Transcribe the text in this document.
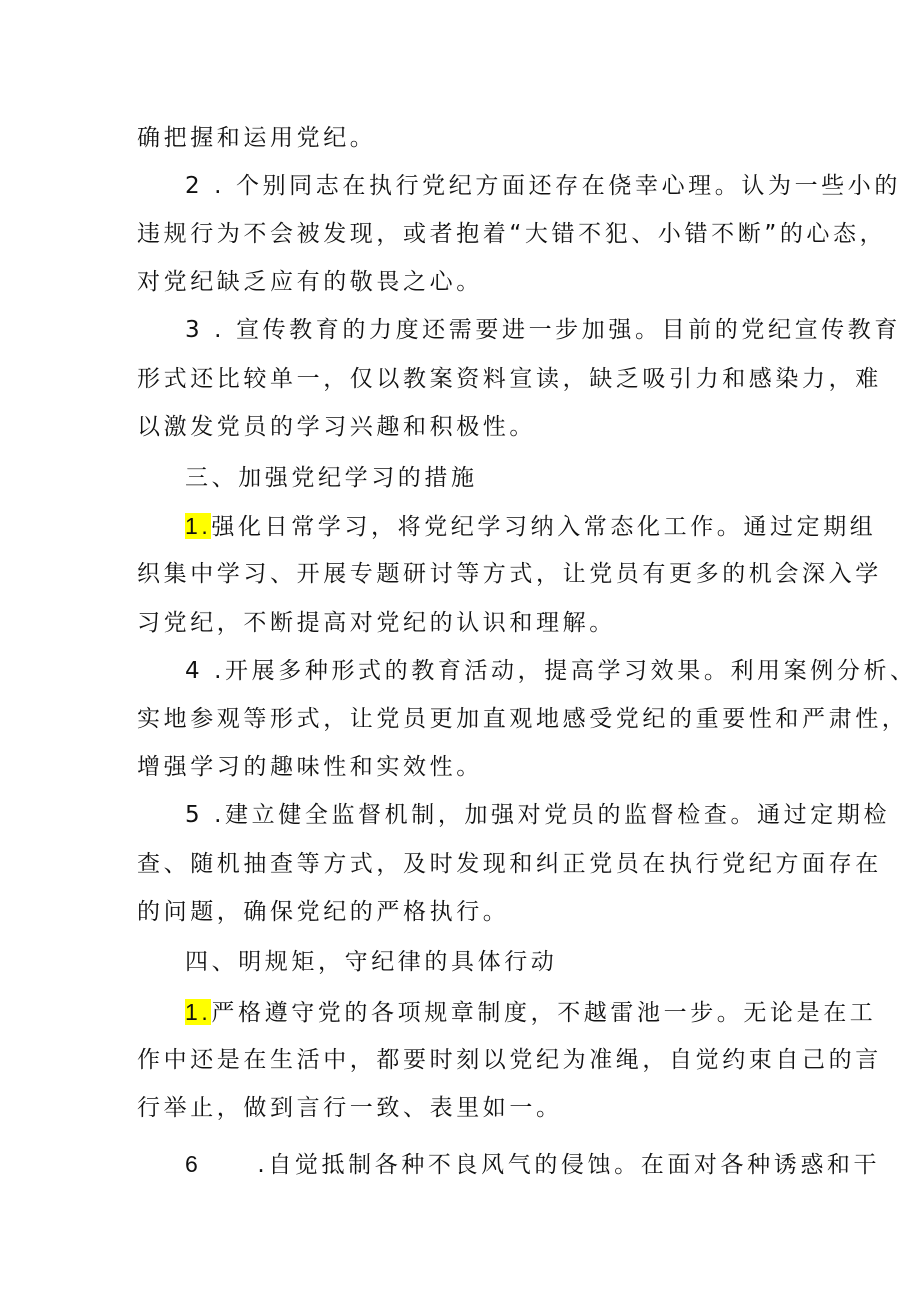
确把握和运用党纪。
2 . 个别同志在执行党纪方面还存在侥幸心理。认为一些小的
违规行为不会被发现，或者抱着“大错不犯、小错不断”的心态，
对党纪缺乏应有的敬畏之心。
3 . 宣传教育的力度还需要进一步加强。目前的党纪宣传教育
形式还比较单一，仅以教案资料宣读，缺乏吸引力和感染力，难
以激发党员的学习兴趣和积极性。
三、加强党纪学习的措施
1.强化日常学习，将党纪学习纳入常态化工作。通过定期组
织集中学习、开展专题研讨等方式，让党员有更多的机会深入学
习党纪，不断提高对党纪的认识和理解。
4 .开展多种形式的教育活动，提高学习效果。利用案例分析、
实地参观等形式，让党员更加直观地感受党纪的重要性和严肃性，
增强学习的趣味性和实效性。
5 .建立健全监督机制，加强对党员的监督检查。通过定期检
查、随机抽查等方式，及时发现和纠正党员在执行党纪方面存在
的问题，确保党纪的严格执行。
四、明规矩，守纪律的具体行动
1.严格遵守党的各项规章制度，不越雷池一步。无论是在工
作中还是在生活中，都要时刻以党纪为准绳，自觉约束自己的言
行举止，做到言行一致、表里如一。
6 .自觉抵制各种不良风气的侵蚀。在面对各种诱惑和干
